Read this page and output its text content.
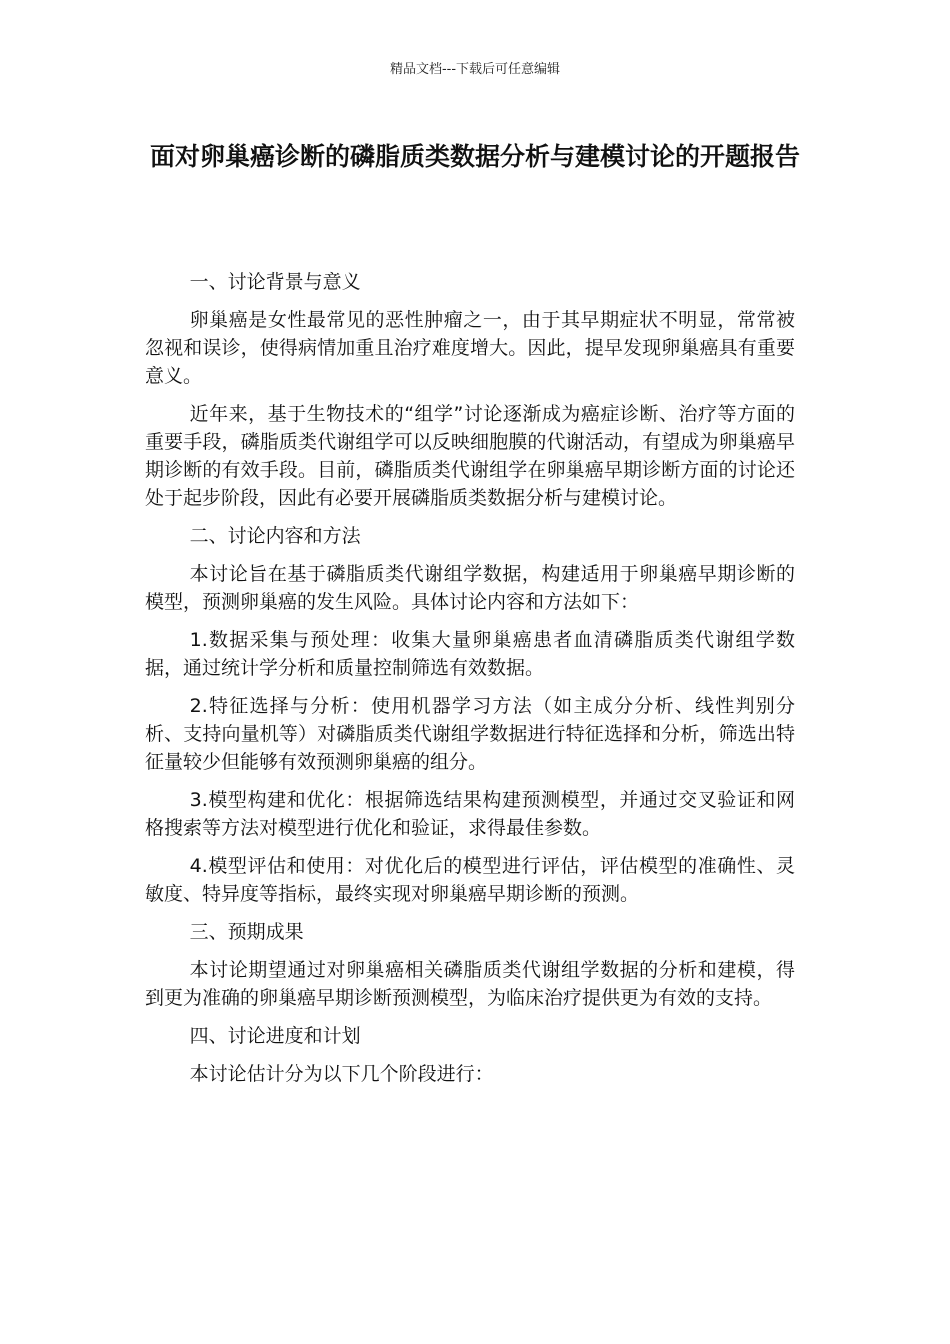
精品文档---下载后可任意编辑
面对卵巢癌诊断的磷脂质类数据分析与建模讨论的开题报告

一、讨论背景与意义

卵巢癌是女性最常见的恶性肿瘤之一，由于其早期症状不明显，常常被忽视和误诊，使得病情加重且治疗难度增大。因此，提早发现卵巢癌具有重要意义。

近年来，基于生物技术的“组学”讨论逐渐成为癌症诊断、治疗等方面的重要手段，磷脂质类代谢组学可以反映细胞膜的代谢活动，有望成为卵巢癌早期诊断的有效手段。目前，磷脂质类代谢组学在卵巢癌早期诊断方面的讨论还处于起步阶段，因此有必要开展磷脂质类数据分析与建模讨论。

二、讨论内容和方法

本讨论旨在基于磷脂质类代谢组学数据，构建适用于卵巢癌早期诊断的模型，预测卵巢癌的发生风险。具体讨论内容和方法如下：

1.数据采集与预处理：收集大量卵巢癌患者血清磷脂质类代谢组学数据，通过统计学分析和质量控制筛选有效数据。

2.特征选择与分析：使用机器学习方法（如主成分分析、线性判别分析、支持向量机等）对磷脂质类代谢组学数据进行特征选择和分析，筛选出特征量较少但能够有效预测卵巢癌的组分。

3.模型构建和优化：根据筛选结果构建预测模型，并通过交叉验证和网格搜索等方法对模型进行优化和验证，求得最佳参数。

4.模型评估和使用：对优化后的模型进行评估，评估模型的准确性、灵敏度、特异度等指标，最终实现对卵巢癌早期诊断的预测。

三、预期成果

本讨论期望通过对卵巢癌相关磷脂质类代谢组学数据的分析和建模，得到更为准确的卵巢癌早期诊断预测模型，为临床治疗提供更为有效的支持。

四、讨论进度和计划

本讨论估计分为以下几个阶段进行：
